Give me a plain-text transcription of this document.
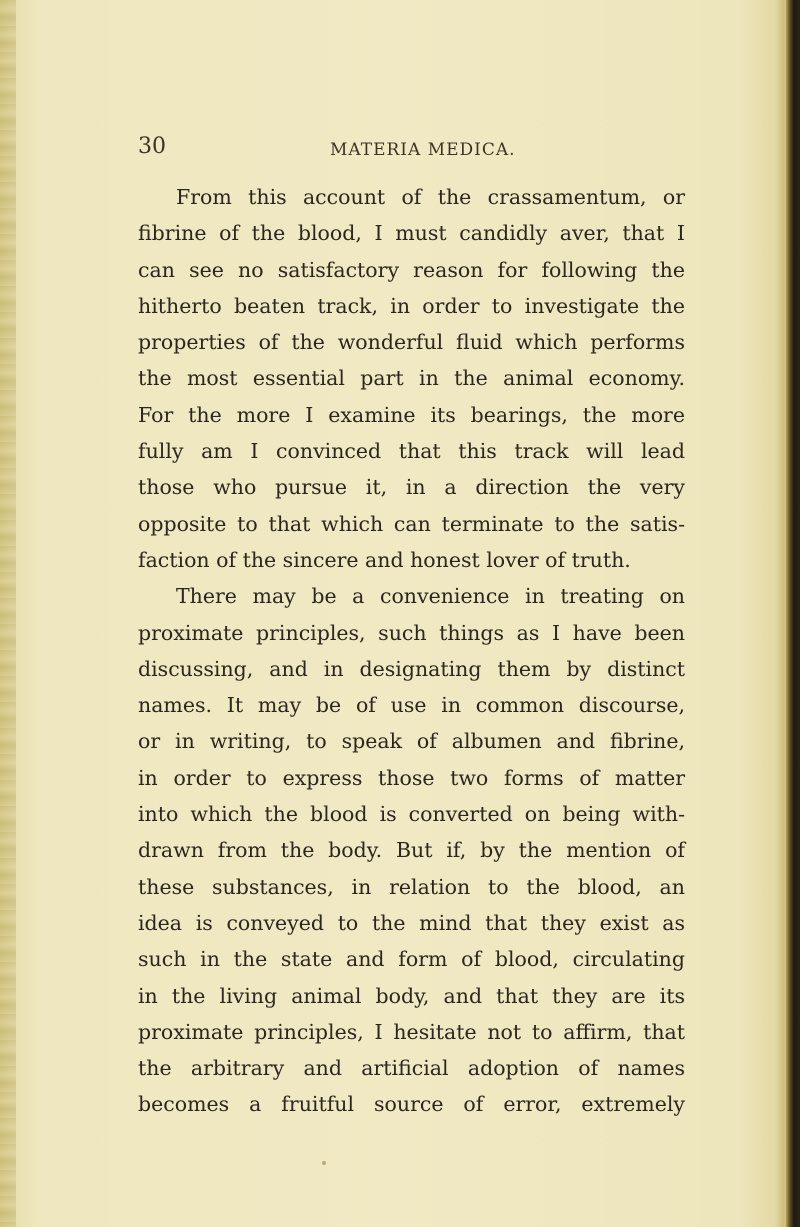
30	MATERIA MEDICA.

From this account of the crassamentum, or
fibrine of the blood, I must candidly aver, that I
can see no satisfactory reason for following the
hitherto beaten track, in order to investigate the
properties of the wonderful fluid which performs
the most essential part in the animal economy.
For the more I examine its bearings, the more
fully am I convinced that this track will lead
those who pursue it, in a direction the very
opposite to that which can terminate to the satis-
faction of the sincere and honest lover of truth.
There may be a convenience in treating on
proximate principles, such things as I have been
discussing, and in designating them by distinct
names. It may be of use in common discourse,
or in writing, to speak of albumen and fibrine,
in order to express those two forms of matter
into which the blood is converted on being with-
drawn from the body. But if, by the mention of
these substances, in relation to the blood, an
idea is conveyed to the mind that they exist as
such in the state and form of blood, circulating
in the living animal body, and that they are its
proximate principles, I hesitate not to affirm, that
the arbitrary and artificial adoption of names
becomes a fruitful source of error, extremely
